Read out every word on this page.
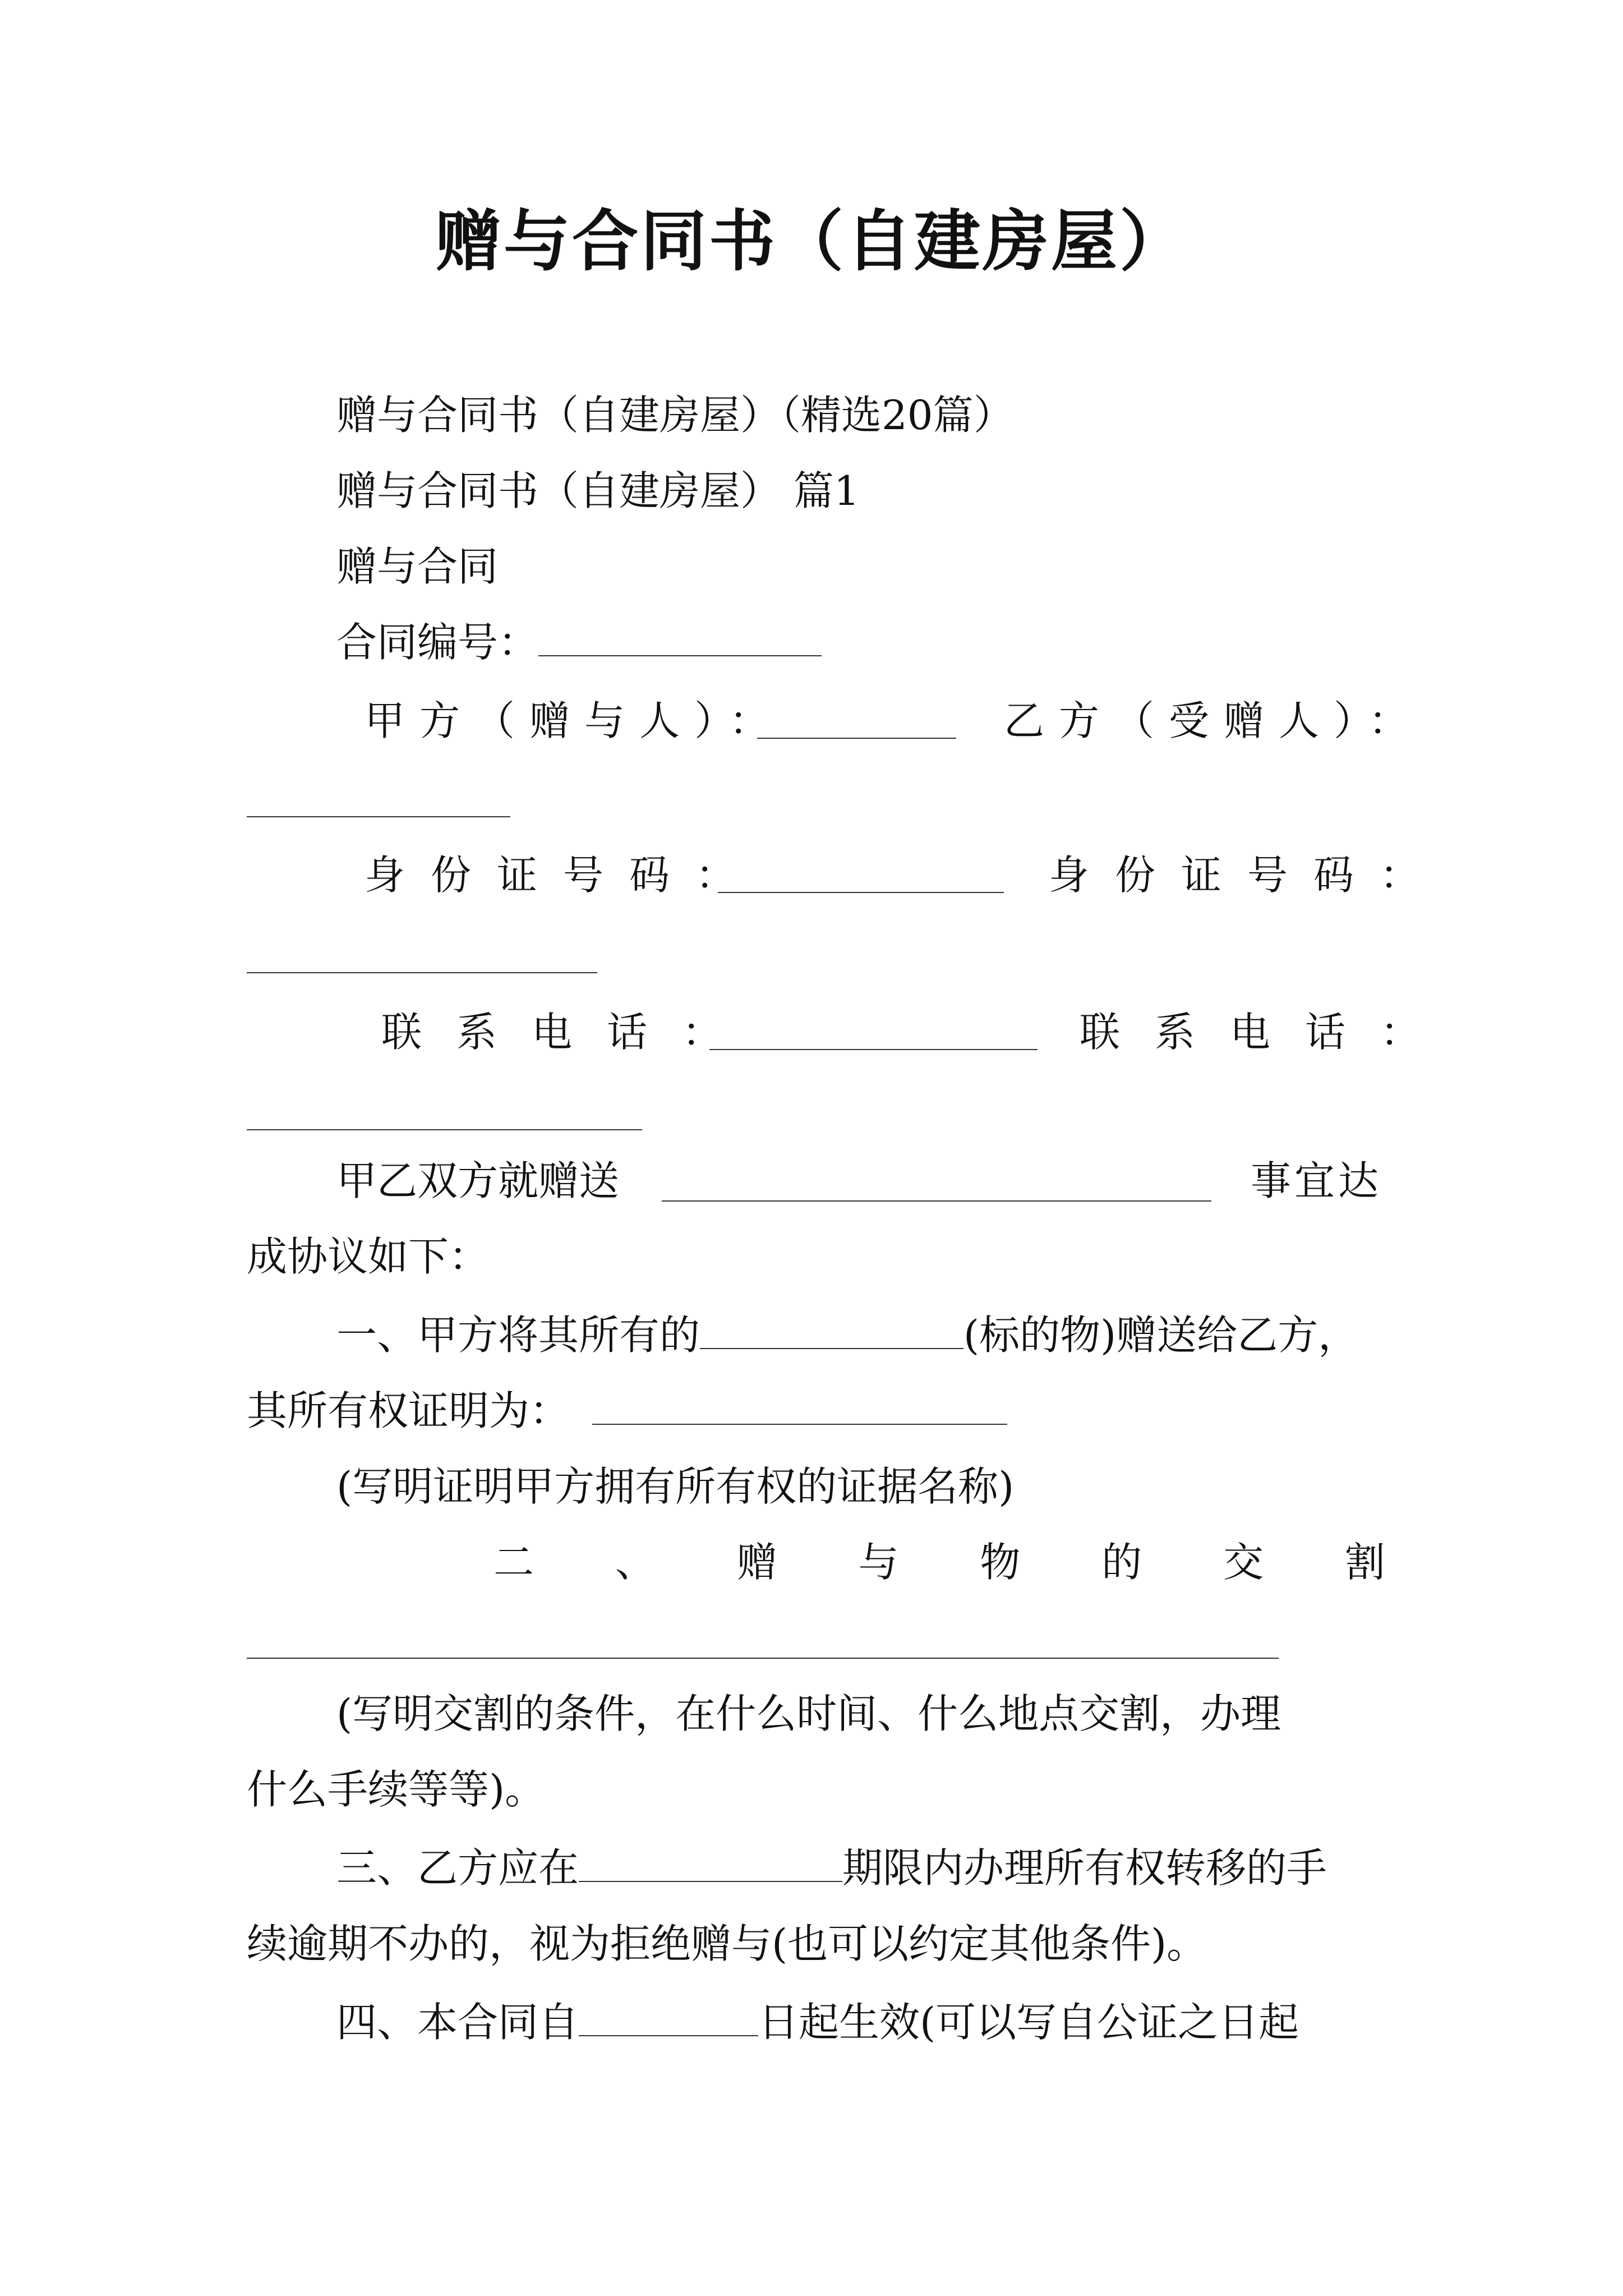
赠与合同书（自建房屋）
赠与合同书（自建房屋）（精选20篇）
赠与合同书（自建房屋） 篇1
赠与合同
合同编号：
甲方（赠与人）：	乙方（受赠人）：
身份证号码：	身份证号码：
联系电话：	联系电话：
甲乙双方就赠送	事宜达
成协议如下：
一、甲方将其所有的	(标的物)赠送给乙方，
其所有权证明为：
(写明证明甲方拥有所有权的证据名称)
二 、 赠 与 物 的 交 割
(写明交割的条件，在什么时间、什么地点交割，办理
什么手续等等)。
三、乙方应在	期限内办理所有权转移的手
续逾期不办的，视为拒绝赠与(也可以约定其他条件)。
四、本合同自	日起生效(可以写自公证之日起
